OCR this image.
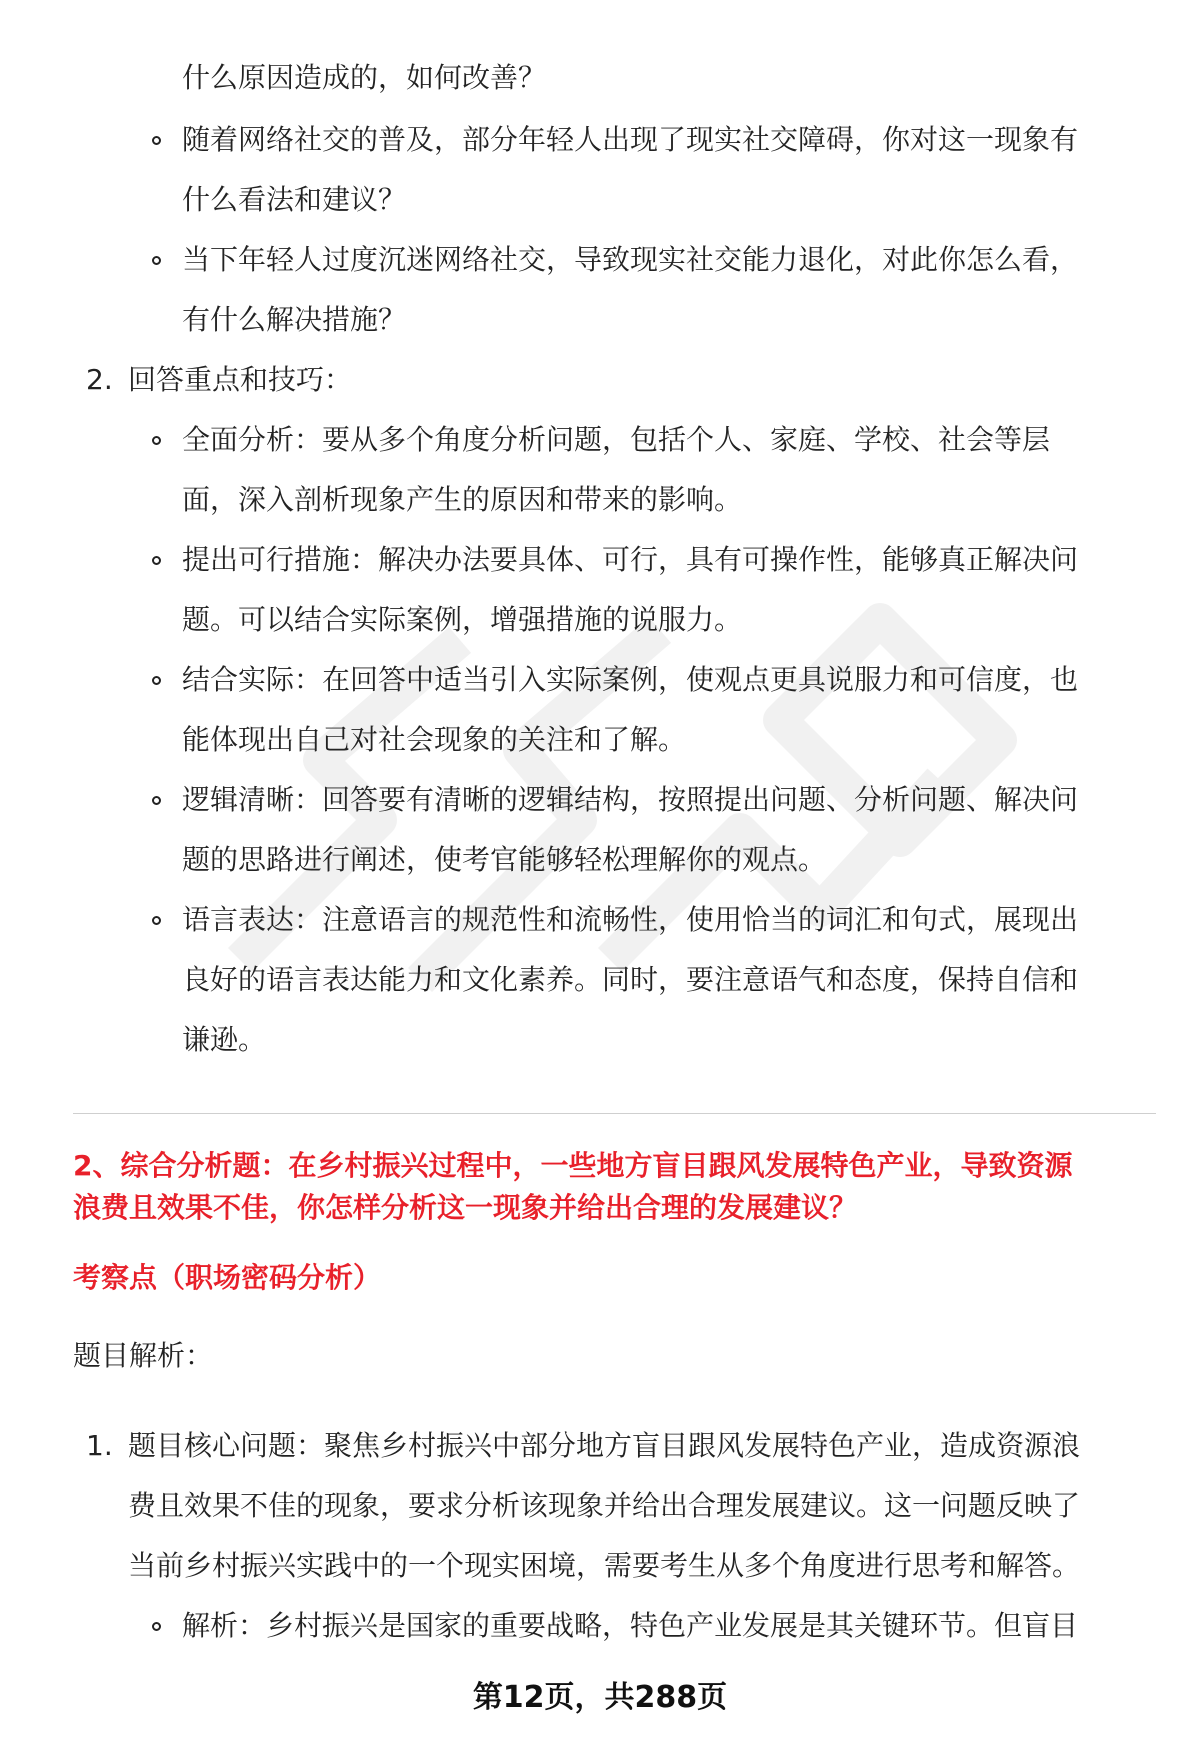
什么原因造成的，如何改善？
随着网络社交的普及，部分年轻人出现了现实社交障碍，你对这一现象有
什么看法和建议？
当下年轻人过度沉迷网络社交，导致现实社交能力退化，对此你怎么看，
有什么解决措施？
2. 回答重点和技巧：
全面分析：要从多个角度分析问题，包括个人、家庭、学校、社会等层
面，深入剖析现象产生的原因和带来的影响。
提出可行措施：解决办法要具体、可行，具有可操作性，能够真正解决问
题。可以结合实际案例，增强措施的说服力。
结合实际：在回答中适当引入实际案例，使观点更具说服力和可信度，也
能体现出自己对社会现象的关注和了解。
逻辑清晰：回答要有清晰的逻辑结构，按照提出问题、分析问题、解决问
题的思路进行阐述，使考官能够轻松理解你的观点。
语言表达：注意语言的规范性和流畅性，使用恰当的词汇和句式，展现出
良好的语言表达能力和文化素养。同时，要注意语气和态度，保持自信和
谦逊。
2、综合分析题：在乡村振兴过程中，一些地方盲目跟风发展特色产业，导致资源
浪费且效果不佳，你怎样分析这一现象并给出合理的发展建议？
考察点（职场密码分析）
题目解析：
1. 题目核心问题：聚焦乡村振兴中部分地方盲目跟风发展特色产业，造成资源浪
费且效果不佳的现象，要求分析该现象并给出合理发展建议。这一问题反映了
当前乡村振兴实践中的一个现实困境，需要考生从多个角度进行思考和解答。
解析：乡村振兴是国家的重要战略，特色产业发展是其关键环节。但盲目
第12页，共288页
